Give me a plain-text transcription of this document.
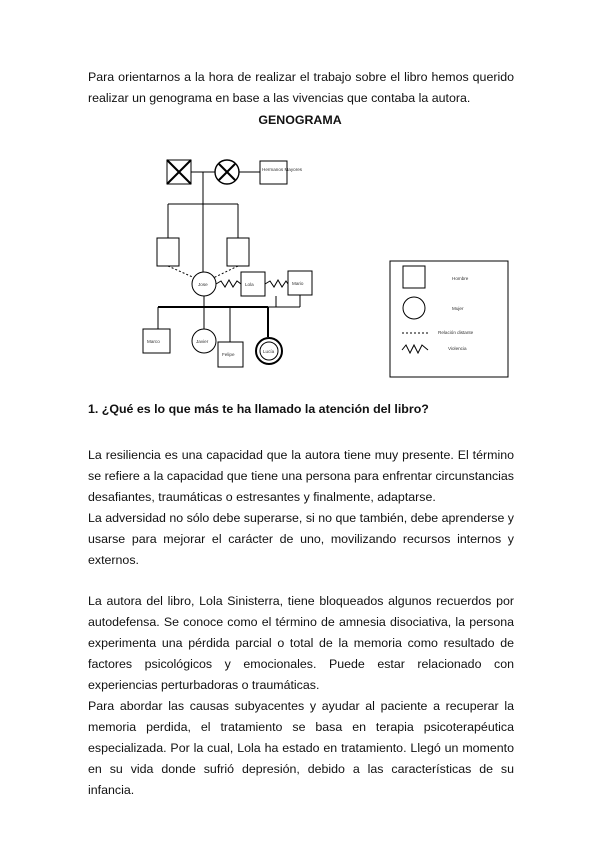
Para orientarnos a la hora de realizar el trabajo sobre el libro hemos querido realizar un genograma en base a las vivencias que contaba la autora.

GENOGRAMA
Hermanos Mayores
Jose	Lola	Mario
Marco	Javier
Felipe
Lucía
Hombre
Mujer
Relación distante
Violencia
1. ¿Qué es lo que más te ha llamado la atención del libro?

La resiliencia es una capacidad que la autora tiene muy presente. El término se refiere a la capacidad que tiene una persona para enfrentar circunstancias desafiantes, traumáticas o estresantes y finalmente, adaptarse.

La adversidad no sólo debe superarse, si no que también, debe aprenderse y usarse para mejorar el carácter de uno, movilizando recursos internos y externos.

La autora del libro, Lola Sinisterra, tiene bloqueados algunos recuerdos por autodefensa. Se conoce como el término de amnesia disociativa, la persona experimenta una pérdida parcial o total de la memoria como resultado de factores psicológicos y emocionales. Puede estar relacionado con experiencias perturbadoras o traumáticas.

Para abordar las causas subyacentes y ayudar al paciente a recuperar la memoria perdida, el tratamiento se basa en terapia psicoterapéutica especializada. Por la cual, Lola ha estado en tratamiento. Llegó un momento en su vida donde sufrió depresión, debido a las características de su infancia.
